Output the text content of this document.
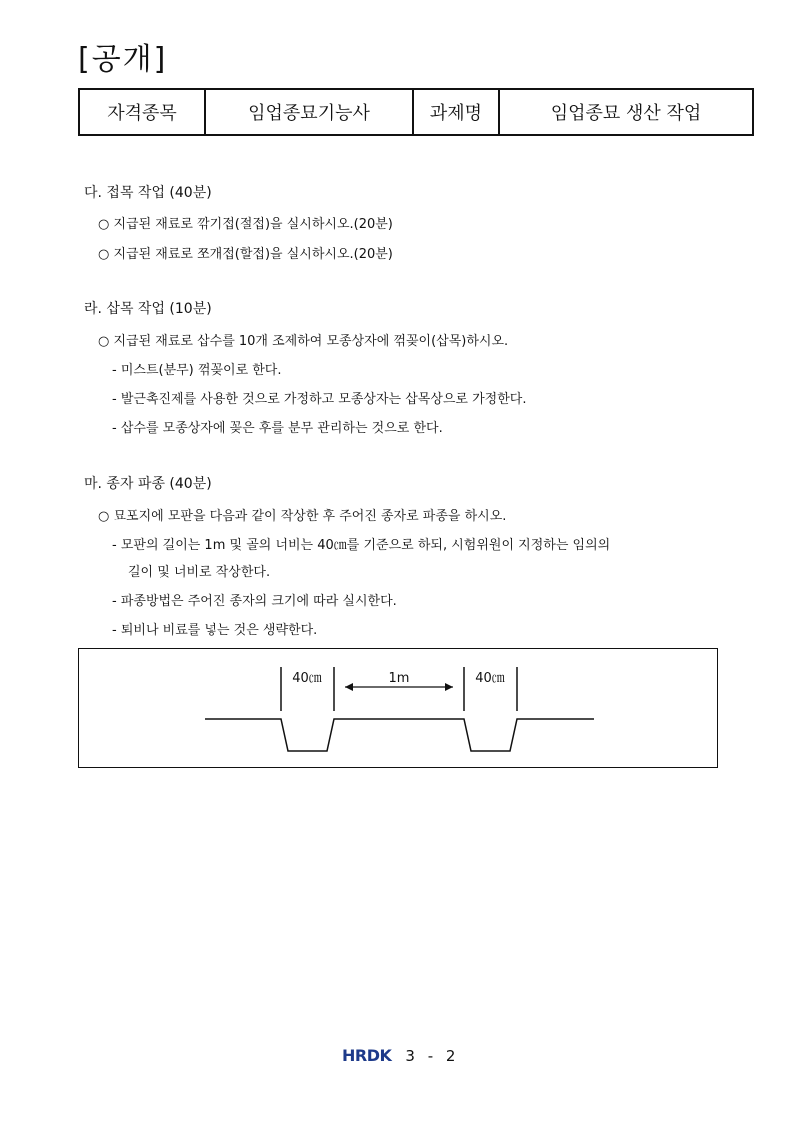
[공개]
자격종목	임업종묘기능사	과제명	임업종묘 생산 작업
다. 접목 작업 (40분)
○ 지급된 재료로 깎기접(절접)을 실시하시오.(20분)
○ 지급된 재료로 쪼개접(할접)을 실시하시오.(20분)
라. 삽목 작업 (10분)
○ 지급된 재료로 삽수를 10개 조제하여 모종상자에 꺾꽂이(삽목)하시오.
- 미스트(분무) 꺾꽂이로 한다.
- 발근촉진제를 사용한 것으로 가정하고 모종상자는 삽목상으로 가정한다.
- 삽수를 모종상자에 꽂은 후를 분무 관리하는 것으로 한다.
마. 종자 파종 (40분)
○ 묘포지에 모판을 다음과 같이 작상한 후 주어진 종자로 파종을 하시오.
- 모판의 길이는 1m 및 골의 너비는 40㎝를 기준으로 하되, 시험위원이 지정하는 임의의
길이 및 너비로 작상한다.
- 파종방법은 주어진 종자의 크기에 따라 실시한다.
- 퇴비나 비료를 넣는 것은 생략한다.
40㎝	1m	40㎝
HRDK 3 - 2
